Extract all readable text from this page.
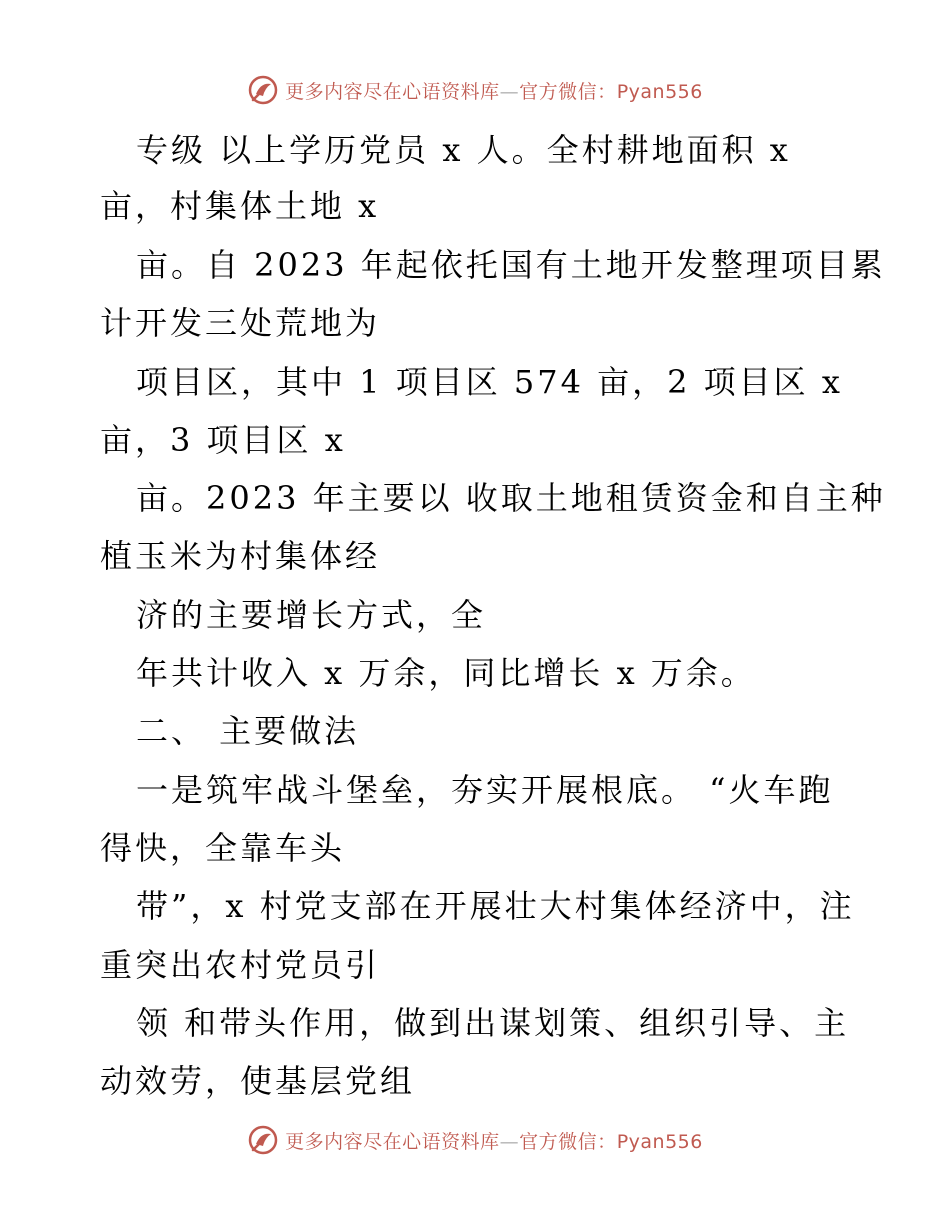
更多内容尽在心语资料库—官方微信：Pyan556
专级 以上学历党员 x 人。全村耕地面积 x
亩，村集体土地 x
亩。自 2023 年起依托国有土地开发整理项目累
计开发三处荒地为
项目区，其中 1 项目区 574 亩，2 项目区 x
亩，3 项目区 x
亩。2023 年主要以 收取土地租赁资金和自主种
植玉米为村集体经
济的主要增长方式，全
年共计收入 x 万余，同比增长 x 万余。
二、 主要做法
一是筑牢战斗堡垒，夯实开展根底。 “火车跑
得快，全靠车头
带”，x 村党支部在开展壮大村集体经济中，注
重突出农村党员引
领 和带头作用，做到出谋划策、组织引导、主
动效劳，使基层党组
更多内容尽在心语资料库—官方微信：Pyan556
